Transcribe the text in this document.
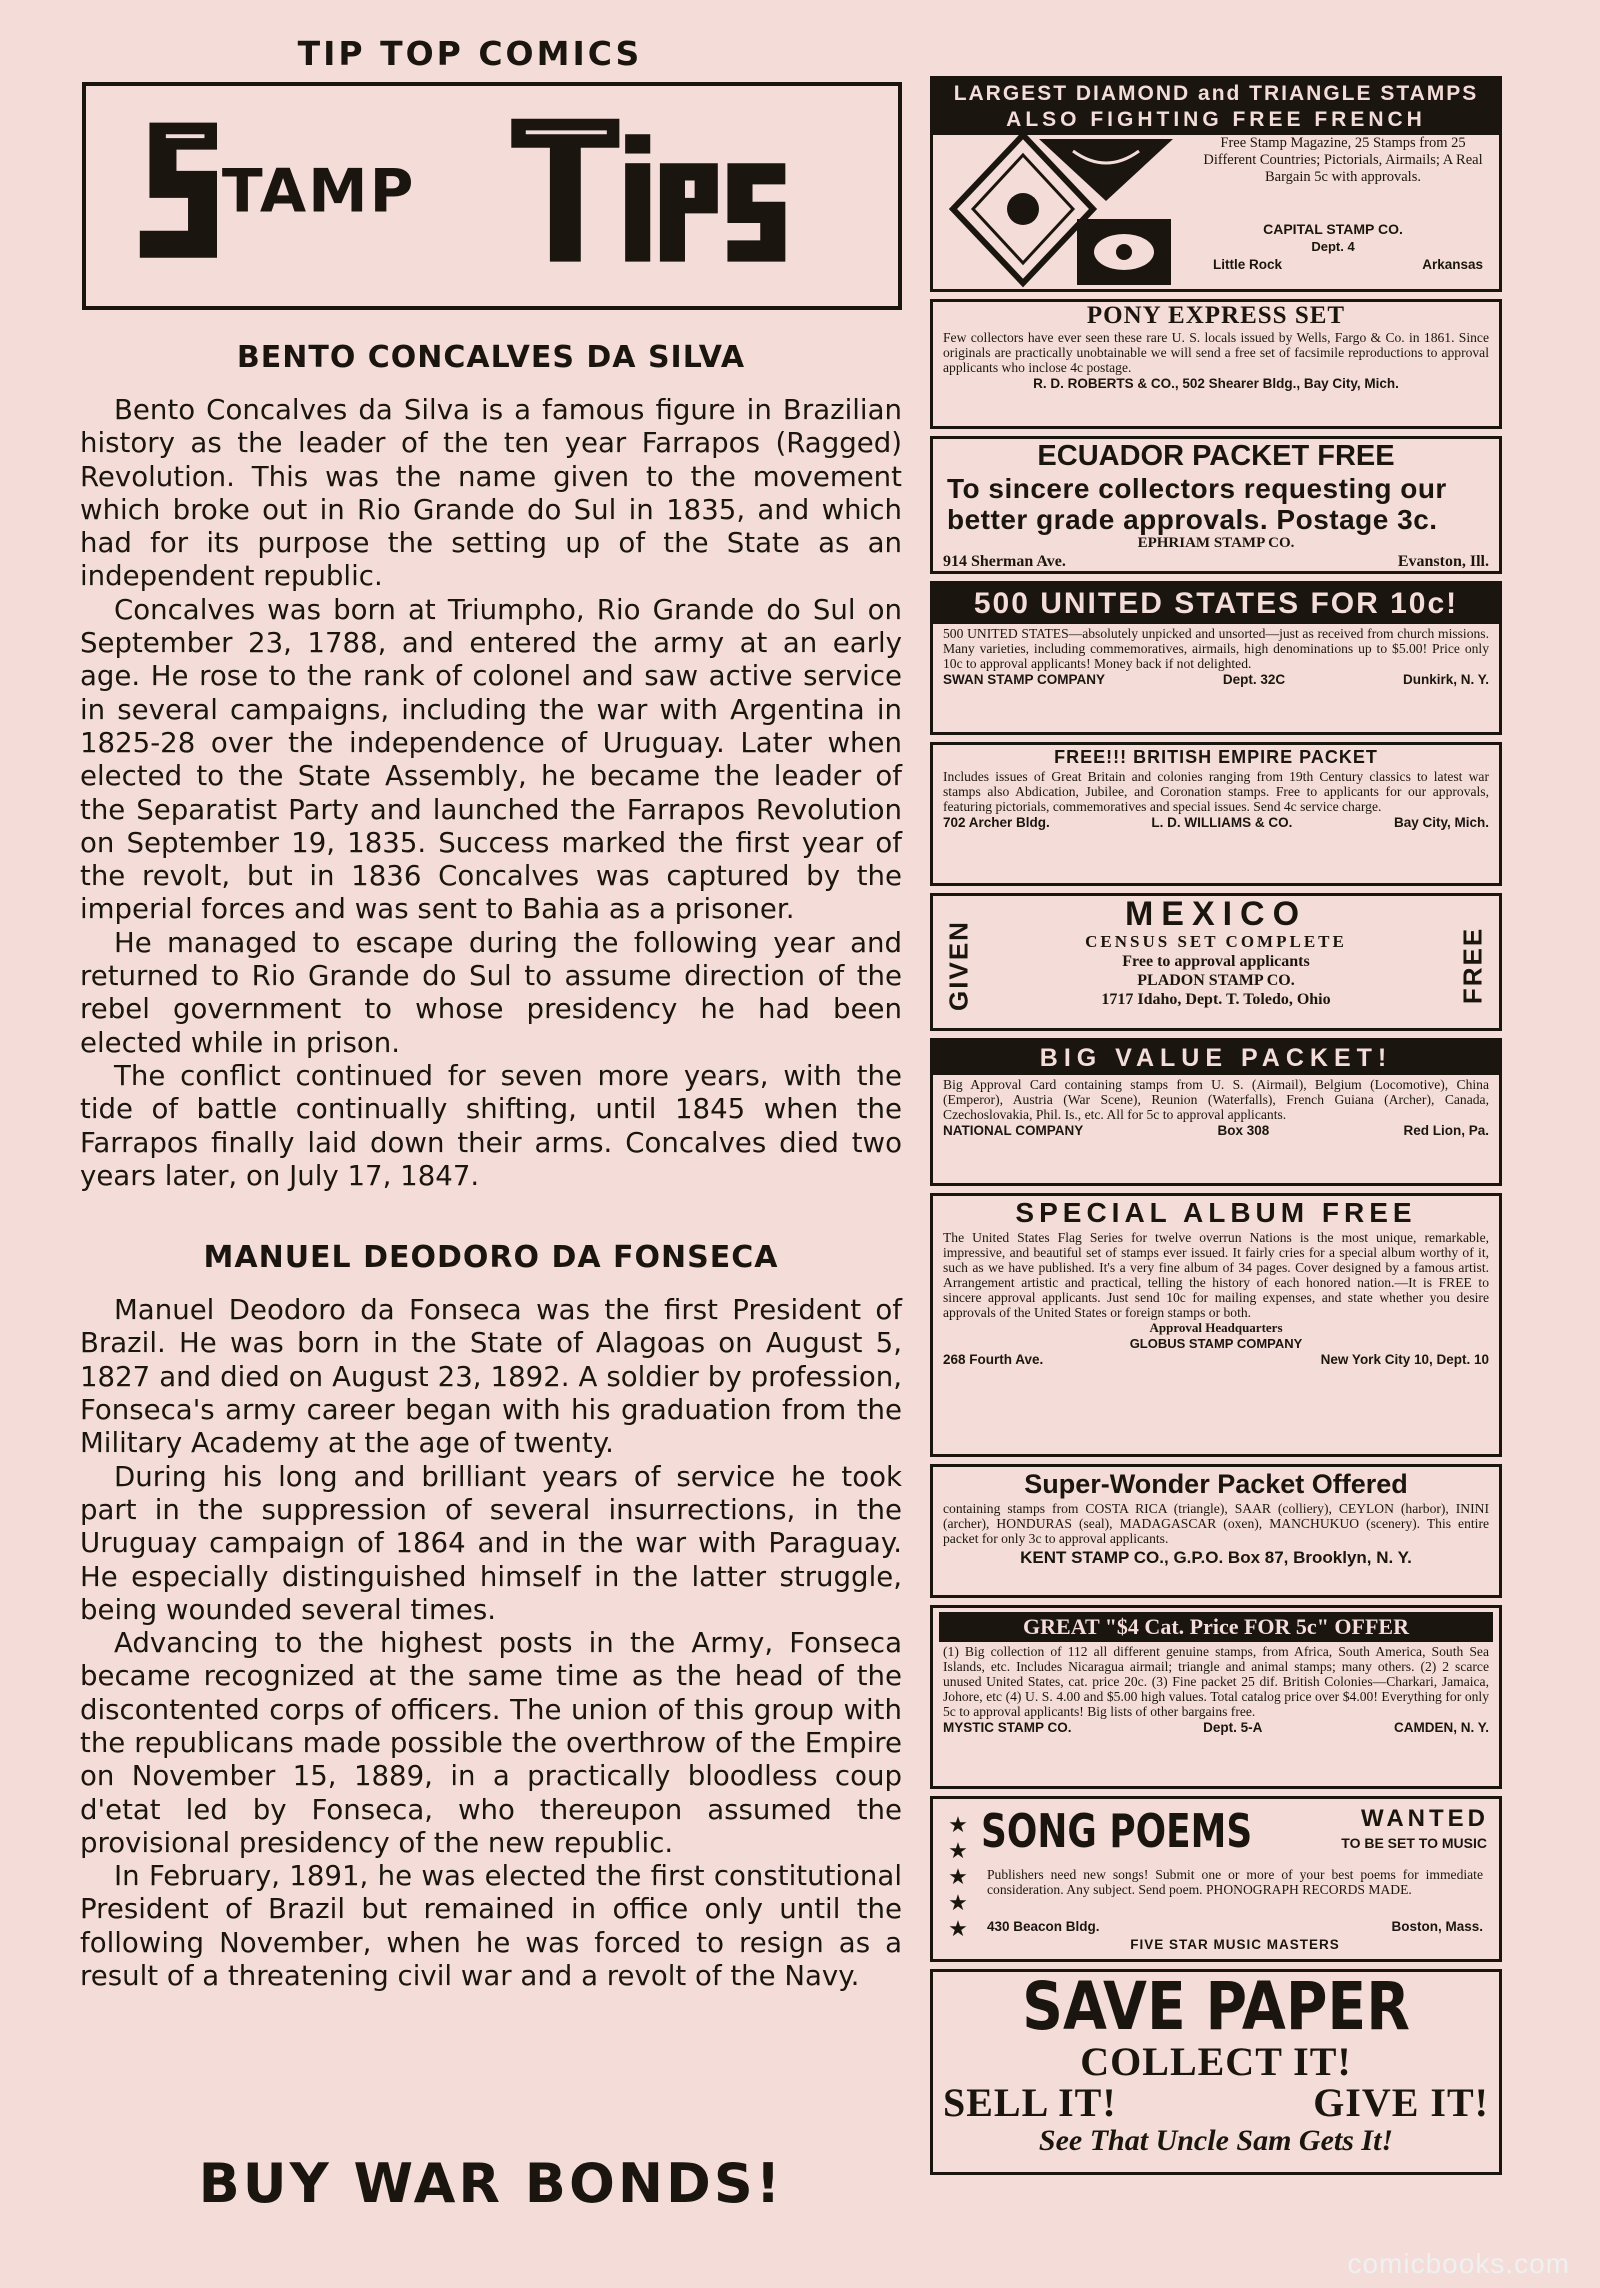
TIP TOP COMICS
TAMP
BENTO CONCALVES DA SILVA

Bento Concalves da Silva is a famous figure in Brazilian history as the leader of the ten year Farrapos (Ragged) Revolution. This was the name given to the movement which broke out in Rio Grande do Sul in 1835, and which had for its purpose the setting up of the State as an independent republic.

Concalves was born at Triumpho, Rio Grande do Sul on September 23, 1788, and entered the army at an early age. He rose to the rank of colonel and saw active service in several campaigns, including the war with Argentina in 1825-28 over the independence of Uruguay. Later when elected to the State Assembly, he became the leader of the Separatist Party and launched the Farrapos Revolution on September 19, 1835. Success marked the first year of the revolt, but in 1836 Concalves was captured by the imperial forces and was sent to Bahia as a prisoner.

He managed to escape during the following year and returned to Rio Grande do Sul to assume direction of the rebel government to whose presidency he had been elected while in prison.

The conflict continued for seven more years, with the tide of battle continually shifting, until 1845 when the Farrapos finally laid down their arms. Concalves died two years later, on July 17, 1847.

MANUEL DEODORO DA FONSECA

Manuel Deodoro da Fonseca was the first President of Brazil. He was born in the State of Alagoas on August 5, 1827 and died on August 23, 1892. A soldier by profession, Fonseca's army career began with his graduation from the Military Academy at the age of twenty.

During his long and brilliant years of service he took part in the suppression of several insurrections, in the Uruguay campaign of 1864 and in the war with Paraguay. He especially distinguished himself in the latter struggle, being wounded several times.

Advancing to the highest posts in the Army, Fonseca became recognized at the same time as the head of the discontented corps of officers. The union of this group with the republicans made possible the overthrow of the Empire on November 15, 1889, in a practically bloodless coup d'etat led by Fonseca, who thereupon assumed the provisional presidency of the new republic.

In February, 1891, he was elected the first constitutional President of Brazil but remained in office only until the following November, when he was forced to resign as a result of a threatening civil war and a revolt of the Navy.

BUY WAR BONDS!
LARGEST DIAMOND and TRIANGLE STAMPS
ALSO FIGHTING FREE FRENCH
Free Stamp Magazine, 25 Stamps from 25 Different Countries; Pictorials, Airmails; A Real Bargain 5c with approvals.
CAPITAL STAMP CO.
Dept. 4
Little Rock	Arkansas
PONY EXPRESS SET
Few collectors have ever seen these rare U. S. locals issued by Wells, Fargo & Co. in 1861. Since originals are practically unobtainable we will send a free set of facsimile reproductions to approval applicants who inclose 4c postage.
R. D. ROBERTS & CO., 502 Shearer Bldg., Bay City, Mich.
ECUADOR PACKET FREE
To sincere collectors requesting our better grade approvals. Postage 3c.
EPHRIAM STAMP CO.
914 Sherman Ave.	Evanston, Ill.
500 UNITED STATES FOR 10c!
500 UNITED STATES—absolutely unpicked and unsorted—just as received from church missions. Many varieties, including commemoratives, airmails, high denominations up to $5.00! Price only 10c to approval applicants! Money back if not delighted.
SWAN STAMP COMPANY	Dept. 32C	Dunkirk, N. Y.
FREE!!! BRITISH EMPIRE PACKET
Includes issues of Great Britain and colonies ranging from 19th Century classics to latest war stamps also Abdication, Jubilee, and Coronation stamps. Free to applicants for our approvals, featuring pictorials, commemoratives and special issues. Send 4c service charge.
702 Archer Bldg.	L. D. WILLIAMS & CO.	Bay City, Mich.
GIVEN	FREE
MEXICO
CENSUS SET COMPLETE
Free to approval applicants
PLADON STAMP CO.
1717 Idaho, Dept. T. Toledo, Ohio
BIG VALUE PACKET!
Big Approval Card containing stamps from U. S. (Airmail), Belgium (Locomotive), China (Emperor), Austria (War Scene), Reunion (Waterfalls), French Guiana (Archer), Canada, Czechoslovakia, Phil. Is., etc. All for 5c to approval applicants.
NATIONAL COMPANY	Box 308	Red Lion, Pa.
SPECIAL ALBUM FREE
The United States Flag Series for twelve overrun Nations is the most unique, remarkable, impressive, and beautiful set of stamps ever issued. It fairly cries for a special album worthy of it, such as we have published. It's a very fine album of 34 pages. Cover designed by a famous artist. Arrangement artistic and practical, telling the history of each honored nation.—It is FREE to sincere approval applicants. Just send 10c for mailing expenses, and state whether you desire approvals of the United States or foreign stamps or both.
Approval Headquarters
GLOBUS STAMP COMPANY
268 Fourth Ave.	New York City 10, Dept. 10
Super-Wonder Packet Offered
containing stamps from COSTA RICA (triangle), SAAR (colliery), CEYLON (harbor), ININI (archer), HONDURAS (seal), MADAGASCAR (oxen), MANCHUKUO (scenery). This entire packet for only 3c to approval applicants.
KENT STAMP CO., G.P.O. Box 87, Brooklyn, N. Y.
GREAT "$4 Cat. Price FOR 5c" OFFER
(1) Big collection of 112 all different genuine stamps, from Africa, South America, South Sea Islands, etc. Includes Nicaragua airmail; triangle and animal stamps; many others. (2) 2 scarce unused United States, cat. price 20c. (3) Fine packet 25 dif. British Colonies—Charkari, Jamaica, Johore, etc (4) U. S. 4.00 and $5.00 high values. Total catalog price over $4.00! Everything for only 5c to approval applicants! Big lists of other bargains free.
MYSTIC STAMP CO.	Dept. 5-A	CAMDEN, N. Y.
★
★
★
★
★
SONG POEMS	WANTED
TO BE SET TO MUSIC
Publishers need new songs! Submit one or more of your best poems for immediate consideration. Any subject. Send poem. PHONOGRAPH RECORDS MADE.
430 Beacon Bldg.	Boston, Mass.
FIVE STAR MUSIC MASTERS
SAVE PAPER
COLLECT IT!
SELL IT!	GIVE IT!
See That Uncle Sam Gets It!
comicbooks.com
